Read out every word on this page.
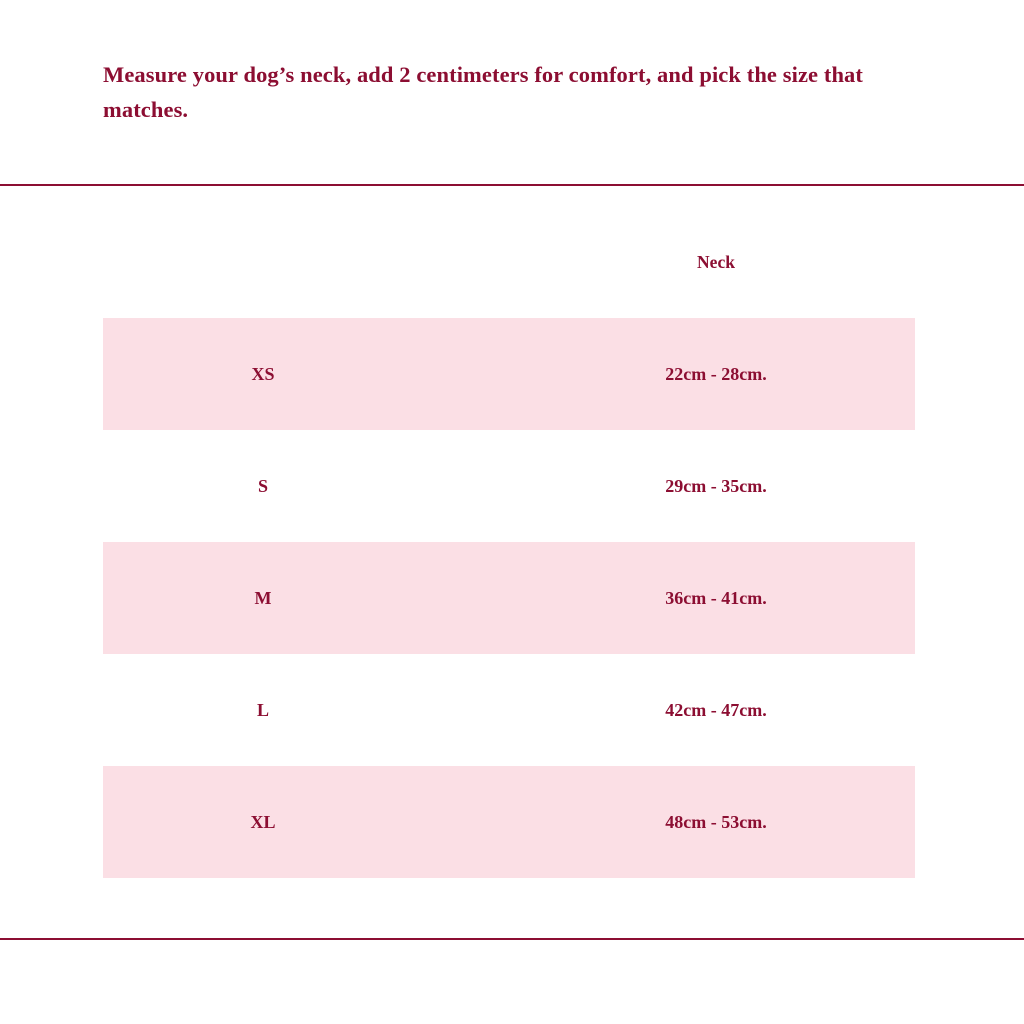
Measure your dog’s neck, add 2 centimeters for comfort, and pick the size that matches.
Neck
XS	22cm - 28cm.
S	29cm - 35cm.
M	36cm - 41cm.
L	42cm - 47cm.
XL	48cm - 53cm.
